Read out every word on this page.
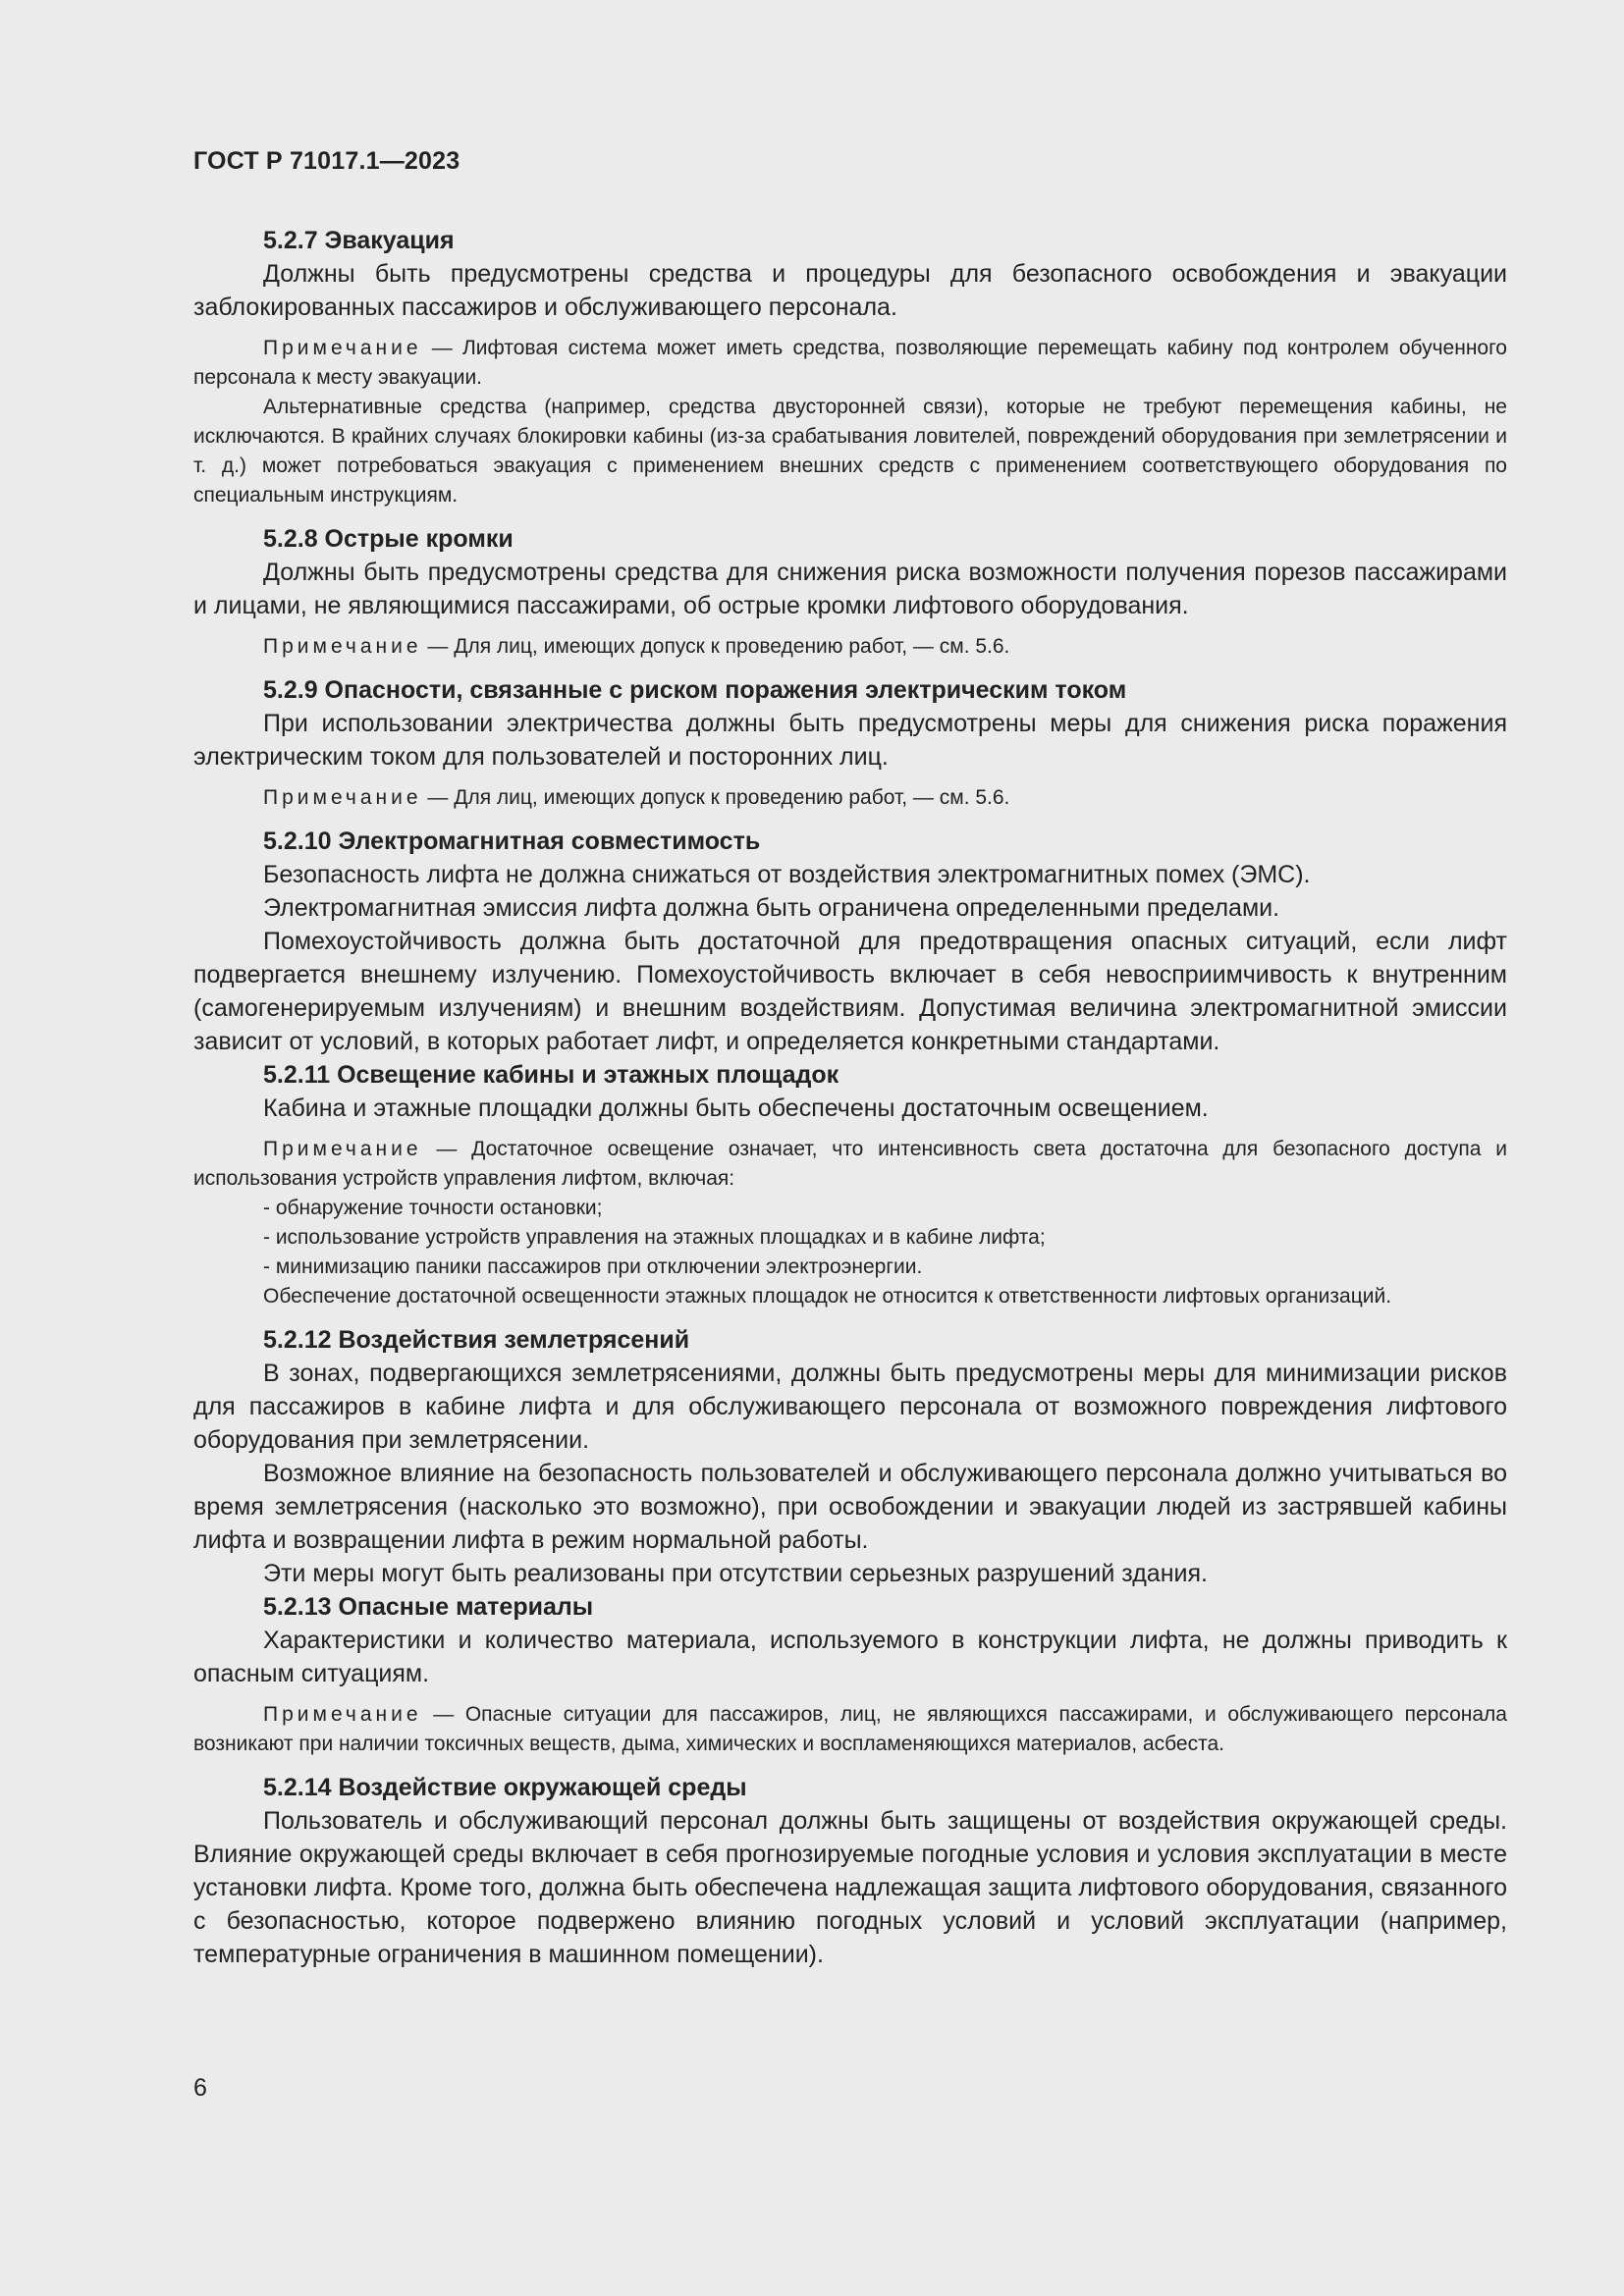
ГОСТ Р 71017.1—2023

5.2.7 Эвакуация

Должны быть предусмотрены средства и процедуры для безопасного освобождения и эвакуации заблокированных пассажиров и обслуживающего персонала.

Примечание — Лифтовая система может иметь средства, позволяющие перемещать кабину под контролем обученного персонала к месту эвакуации.

Альтернативные средства (например, средства двусторонней связи), которые не требуют перемещения кабины, не исключаются. В крайних случаях блокировки кабины (из-за срабатывания ловителей, повреждений оборудования при землетрясении и т. д.) может потребоваться эвакуация с применением внешних средств с применением соответствующего оборудования по специальным инструкциям.

5.2.8 Острые кромки

Должны быть предусмотрены средства для снижения риска возможности получения порезов пассажирами и лицами, не являющимися пассажирами, об острые кромки лифтового оборудования.

Примечание — Для лиц, имеющих допуск к проведению работ, — см. 5.6.

5.2.9 Опасности, связанные с риском поражения электрическим током

При использовании электричества должны быть предусмотрены меры для снижения риска поражения электрическим током для пользователей и посторонних лиц.

Примечание — Для лиц, имеющих допуск к проведению работ, — см. 5.6.

5.2.10 Электромагнитная совместимость

Безопасность лифта не должна снижаться от воздействия электромагнитных помех (ЭМС).

Электромагнитная эмиссия лифта должна быть ограничена определенными пределами.

Помехоустойчивость должна быть достаточной для предотвращения опасных ситуаций, если лифт подвергается внешнему излучению. Помехоустойчивость включает в себя невосприимчивость к внутренним (самогенерируемым излучениям) и внешним воздействиям. Допустимая величина электромагнитной эмиссии зависит от условий, в которых работает лифт, и определяется конкретными стандартами.

5.2.11 Освещение кабины и этажных площадок

Кабина и этажные площадки должны быть обеспечены достаточным освещением.

Примечание — Достаточное освещение означает, что интенсивность света достаточна для безопасного доступа и использования устройств управления лифтом, включая:

- обнаружение точности остановки;

- использование устройств управления на этажных площадках и в кабине лифта;

- минимизацию паники пассажиров при отключении электроэнергии.

Обеспечение достаточной освещенности этажных площадок не относится к ответственности лифтовых организаций.

5.2.12 Воздействия землетрясений

В зонах, подвергающихся землетрясениями, должны быть предусмотрены меры для минимизации рисков для пассажиров в кабине лифта и для обслуживающего персонала от возможного повреждения лифтового оборудования при землетрясении.

Возможное влияние на безопасность пользователей и обслуживающего персонала должно учитываться во время землетрясения (насколько это возможно), при освобождении и эвакуации людей из застрявшей кабины лифта и возвращении лифта в режим нормальной работы.

Эти меры могут быть реализованы при отсутствии серьезных разрушений здания.

5.2.13 Опасные материалы

Характеристики и количество материала, используемого в конструкции лифта, не должны приводить к опасным ситуациям.

Примечание — Опасные ситуации для пассажиров, лиц, не являющихся пассажирами, и обслуживающего персонала возникают при наличии токсичных веществ, дыма, химических и воспламеняющихся материалов, асбеста.

5.2.14 Воздействие окружающей среды

Пользователь и обслуживающий персонал должны быть защищены от воздействия окружающей среды. Влияние окружающей среды включает в себя прогнозируемые погодные условия и условия эксплуатации в месте установки лифта. Кроме того, должна быть обеспечена надлежащая защита лифтового оборудования, связанного с безопасностью, которое подвержено влиянию погодных условий и условий эксплуатации (например, температурные ограничения в машинном помещении).

6
